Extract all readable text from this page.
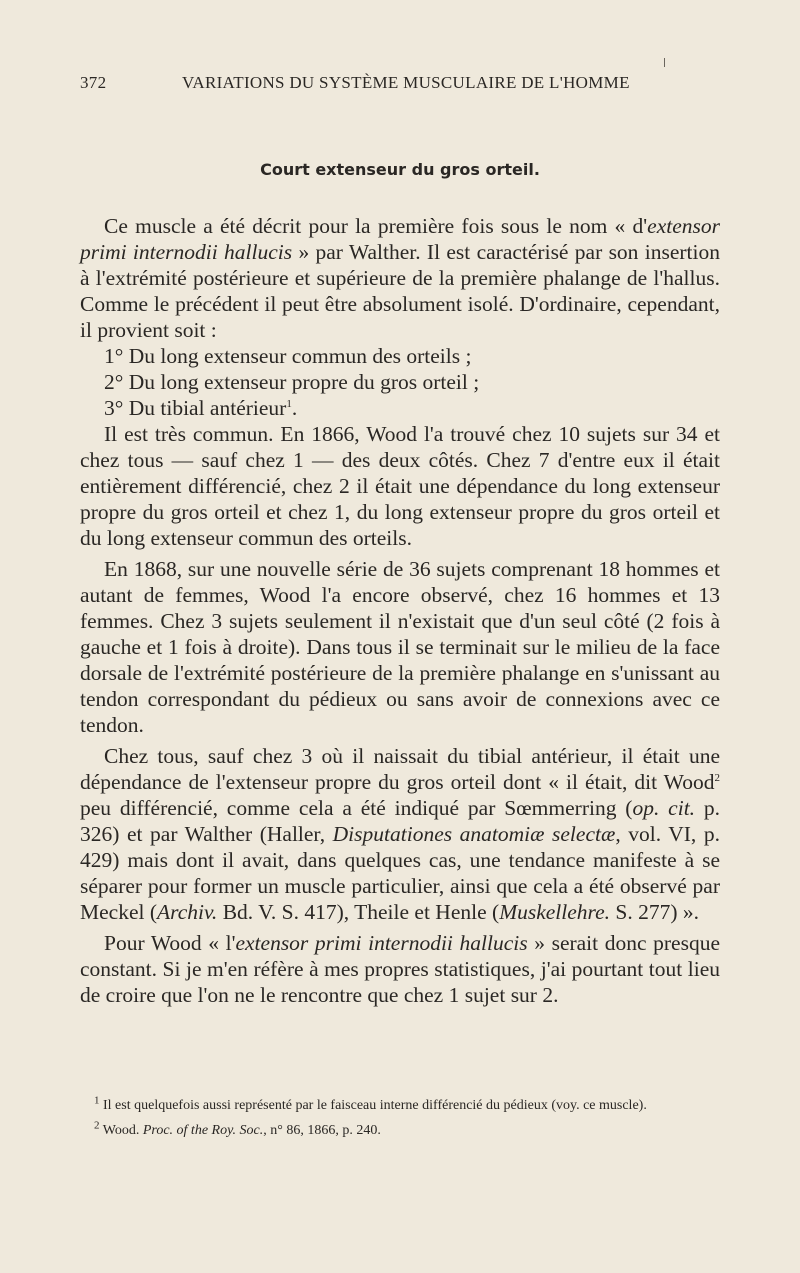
372	VARIATIONS DU SYSTÈME MUSCULAIRE DE L'HOMME
Court extenseur du gros orteil.

Ce muscle a été décrit pour la première fois sous le nom « d'extensor primi internodii hallucis » par Walther. Il est caractérisé par son insertion à l'extrémité postérieure et supérieure de la première phalange de l'hallus. Comme le précédent il peut être absolument isolé. D'ordinaire, cependant, il provient soit :

1° Du long extenseur commun des orteils ;

2° Du long extenseur propre du gros orteil ;

3° Du tibial antérieur$^1$.

Il est très commun. En 1866, Wood l'a trouvé chez 10 sujets sur 34 et chez tous — sauf chez 1 — des deux côtés. Chez 7 d'entre eux il était entièrement différencié, chez 2 il était une dépendance du long extenseur propre du gros orteil et chez 1, du long extenseur propre du gros orteil et du long extenseur commun des orteils.

En 1868, sur une nouvelle série de 36 sujets comprenant 18 hommes et autant de femmes, Wood l'a encore observé, chez 16 hommes et 13 femmes. Chez 3 sujets seulement il n'existait que d'un seul côté (2 fois à gauche et 1 fois à droite). Dans tous il se terminait sur le milieu de la face dorsale de l'extrémité postérieure de la première phalange en s'unissant au tendon correspondant du pédieux ou sans avoir de connexions avec ce tendon.

Chez tous, sauf chez 3 où il naissait du tibial antérieur, il était une dépendance de l'extenseur propre du gros orteil dont « il était, dit Wood$^2$ peu différencié, comme cela a été indiqué par Sœmmerring (op. cit. p. 326) et par Walther (Haller, Disputationes anatomiæ selectæ, vol. VI, p. 429) mais dont il avait, dans quelques cas, une tendance manifeste à se séparer pour former un muscle particulier, ainsi que cela a été observé par Meckel (Archiv. Bd. V. S. 417), Theile et Henle (Muskellehre. S. 277) ».

Pour Wood « l'extensor primi internodii hallucis » serait donc presque constant. Si je m'en réfère à mes propres statistiques, j'ai pourtant tout lieu de croire que l'on ne le rencontre que chez 1 sujet sur 2.

$^1$ Il est quelquefois aussi représenté par le faisceau interne différencié du pédieux (voy. ce muscle).

$^2$ Wood. Proc. of the Roy. Soc., n° 86, 1866, p. 240.
